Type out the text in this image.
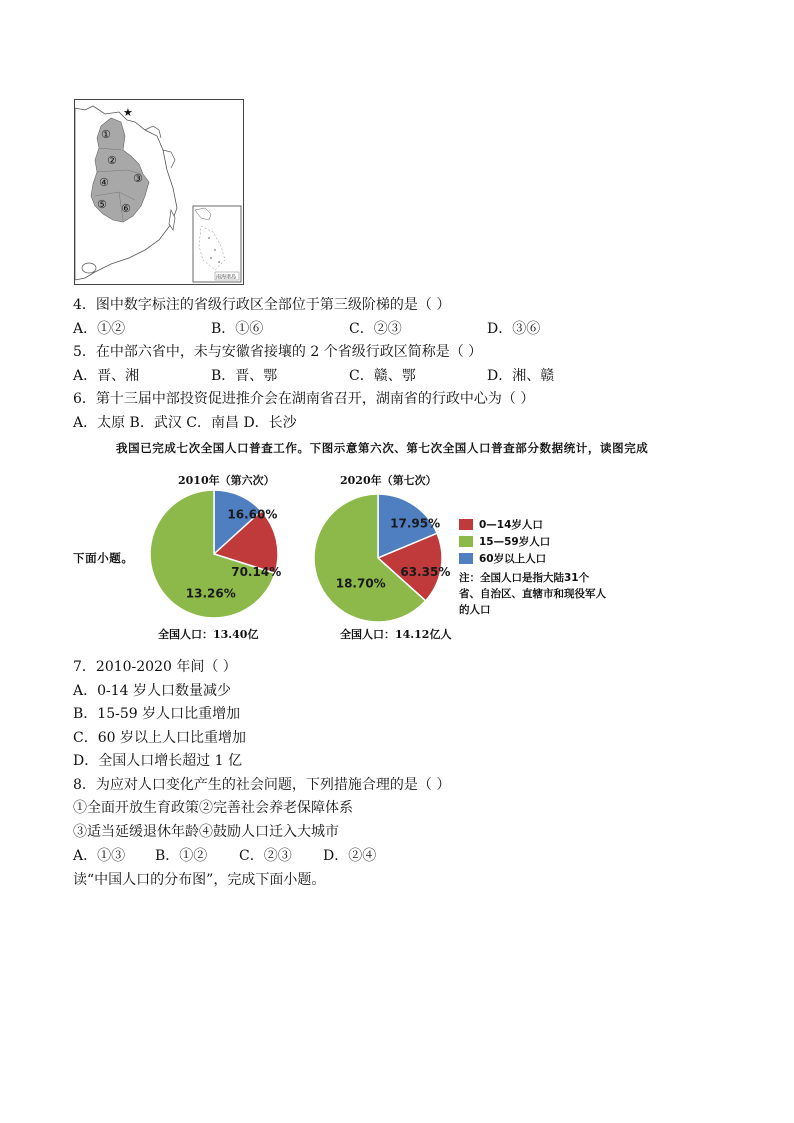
★
①
②
③
④
⑤ ⑥
南海诸岛
4．图中数字标注的省级行政区全部位于第三级阶梯的是（ ）
A．①②	B．①⑥	C．②③	D．③⑥
5．在中部六省中，未与安徽省接壤的 2 个省级行政区简称是（ ）
A．晋、湘	B．晋、鄂	C．赣、鄂	D．湘、赣
6．第十三届中部投资促进推介会在湖南省召开，湖南省的行政中心为（ ）
A．太原 B．武汉 C．南昌 D．长沙
我国已完成七次全国人口普查工作。下图示意第六次、第七次全国人口普查部分数据统计，读图完成
下面小题。
2010年（第六次）
13.26%
16.60%
70.14%
全国人口：13.40亿
2020年（第七次）
18.70%
17.95%
63.35%
全国人口：14.12亿人
0—14岁人口
15—59岁人口
60岁以上人口
注：全国人口是指大陆31个省、自治区、直辖市和现役军人的人口
7．2010-2020 年间（ ）
A．0-14 岁人口数量减少
B．15-59 岁人口比重增加
C．60 岁以上人口比重增加
D．全国人口增长超过 1 亿
8．为应对人口变化产生的社会问题，下列措施合理的是（ ）
①全面开放生育政策②完善社会养老保障体系
③适当延缓退休年龄④鼓励人口迁入大城市
A．①③ B．①② C．②③ D．②④
读“中国人口的分布图”，完成下面小题。
